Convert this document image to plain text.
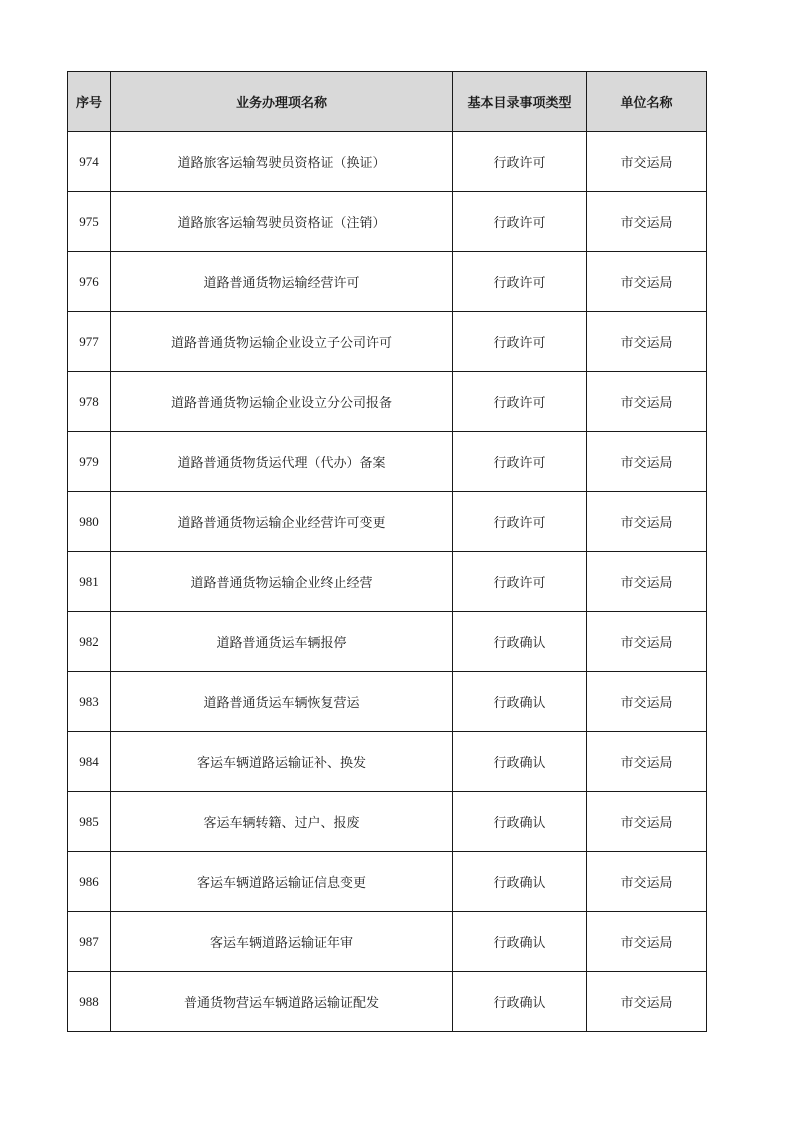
序号	业务办理项名称	基本目录事项类型	单位名称
974	道路旅客运输驾驶员资格证（换证）	行政许可	市交运局
975	道路旅客运输驾驶员资格证（注销）	行政许可	市交运局
976	道路普通货物运输经营许可	行政许可	市交运局
977	道路普通货物运输企业设立子公司许可	行政许可	市交运局
978	道路普通货物运输企业设立分公司报备	行政许可	市交运局
979	道路普通货物货运代理（代办）备案	行政许可	市交运局
980	道路普通货物运输企业经营许可变更	行政许可	市交运局
981	道路普通货物运输企业终止经营	行政许可	市交运局
982	道路普通货运车辆报停	行政确认	市交运局
983	道路普通货运车辆恢复营运	行政确认	市交运局
984	客运车辆道路运输证补、换发	行政确认	市交运局
985	客运车辆转籍、过户、报废	行政确认	市交运局
986	客运车辆道路运输证信息变更	行政确认	市交运局
987	客运车辆道路运输证年审	行政确认	市交运局
988	普通货物营运车辆道路运输证配发	行政确认	市交运局
